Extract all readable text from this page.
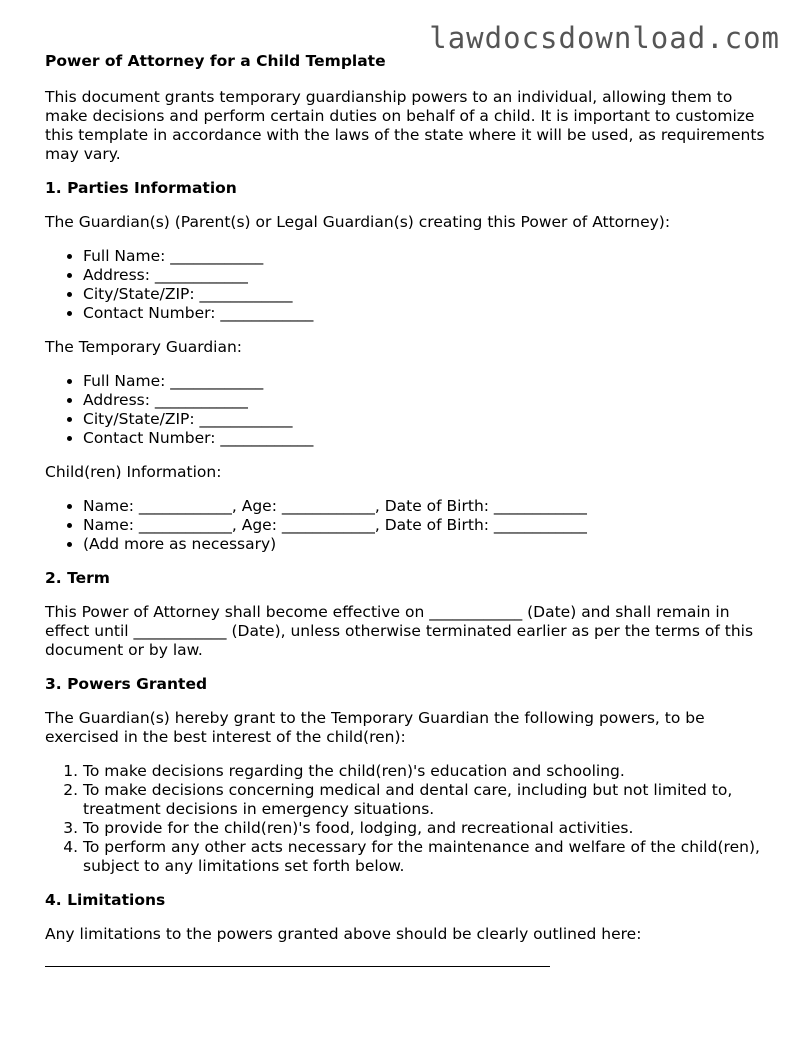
lawdocsdownload.com
Power of Attorney for a Child Template

This document grants temporary guardianship powers to an individual, allowing them to make decisions and perform certain duties on behalf of a child. It is important to customize this template in accordance with the laws of the state where it will be used, as requirements may vary.

1. Parties Information

The Guardian(s) (Parent(s) or Legal Guardian(s) creating this Power of Attorney):

• Full Name: ____________
• Address: ____________
• City/State/ZIP: ____________
• Contact Number: ____________

The Temporary Guardian:

• Full Name: ____________
• Address: ____________
• City/State/ZIP: ____________
• Contact Number: ____________

Child(ren) Information:

• Name: ____________, Age: ____________, Date of Birth: ____________
• Name: ____________, Age: ____________, Date of Birth: ____________
• (Add more as necessary)
2. Term

This Power of Attorney shall become effective on ____________ (Date) and shall remain in effect until ____________ (Date), unless otherwise terminated earlier as per the terms of this document or by law.

3. Powers Granted

The Guardian(s) hereby grant to the Temporary Guardian the following powers, to be exercised in the best interest of the child(ren):

1. To make decisions regarding the child(ren)'s education and schooling.
2. To make decisions concerning medical and dental care, including but not limited to, treatment decisions in emergency situations.
3. To provide for the child(ren)'s food, lodging, and recreational activities.
4. To perform any other acts necessary for the maintenance and welfare of the child(ren), subject to any limitations set forth below.
4. Limitations

Any limitations to the powers granted above should be clearly outlined here:
